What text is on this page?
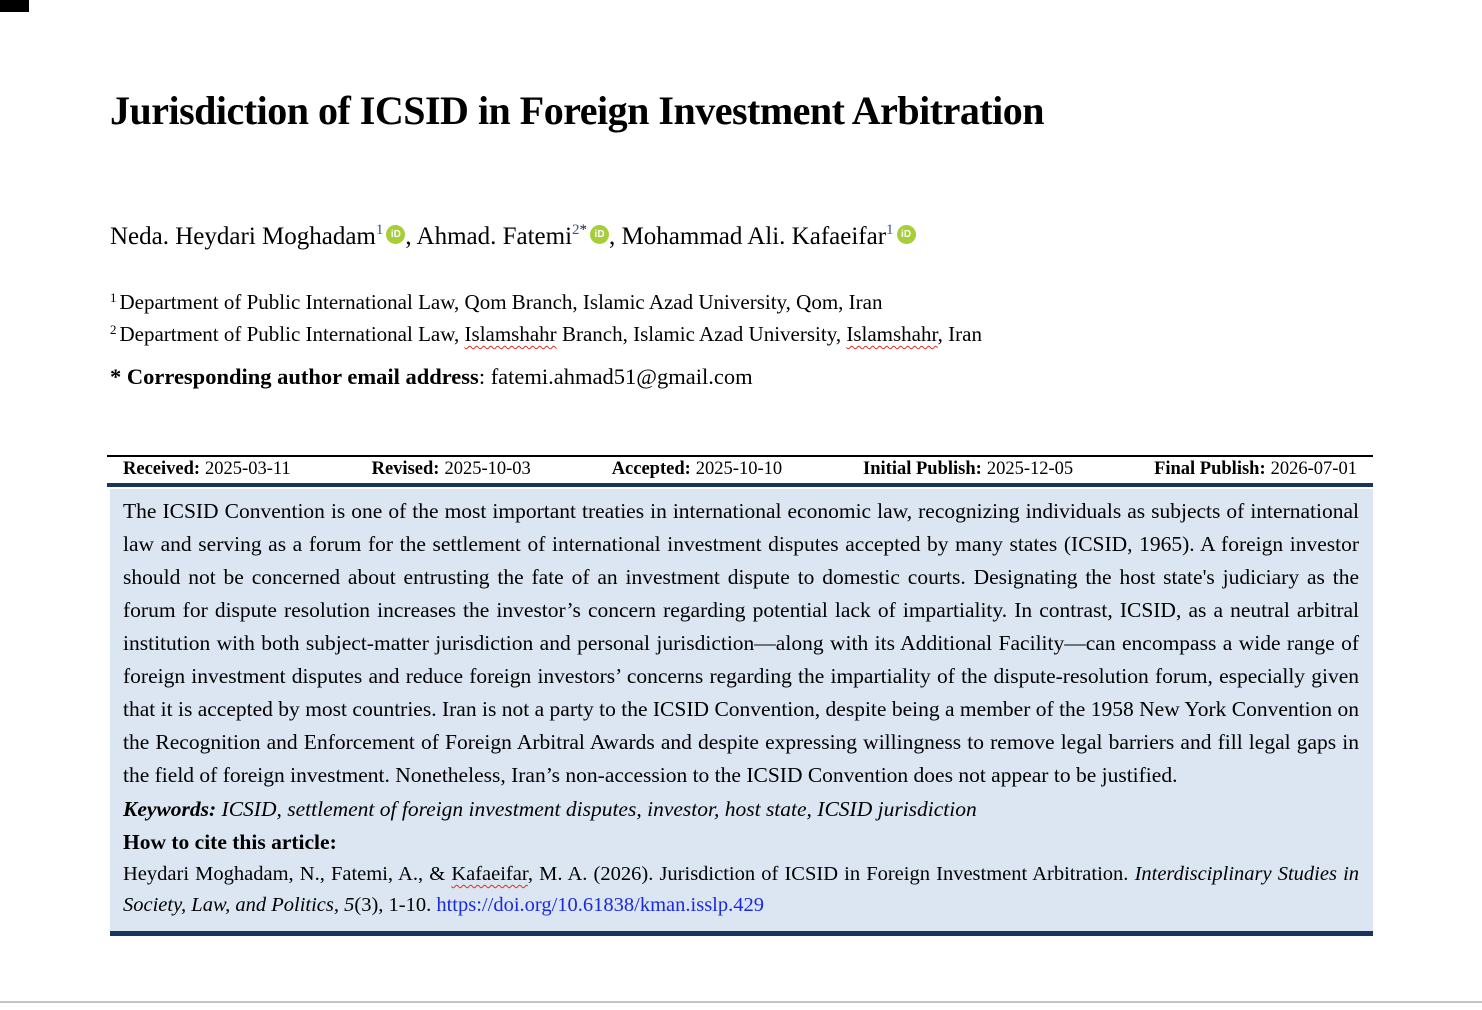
Jurisdiction of ICSID in Foreign Investment Arbitration
Neda. Heydari Moghadam$^1$ iD , Ahmad. Fatemi$^{2*}$ iD , Mohammad Ali. Kafaeifar$^1$ iD
$^1$ Department of Public International Law, Qom Branch, Islamic Azad University, Qom, Iran
$^2$ Department of Public International Law, Islamshahr Branch, Islamic Azad University, Islamshahr, Iran
* Corresponding author email address: fatemi.ahmad51@gmail.com
Received: 2025-03-11	Revised: 2025-10-03	Accepted: 2025-10-10	Initial Publish: 2025-12-05	Final Publish: 2026-07-01

The ICSID Convention is one of the most important treaties in international economic law, recognizing individuals as subjects of international law and serving as a forum for the settlement of international investment disputes accepted by many states (ICSID, 1965). A foreign investor should not be concerned about entrusting the fate of an investment dispute to domestic courts. Designating the host state's judiciary as the forum for dispute resolution increases the investor’s concern regarding potential lack of impartiality. In contrast, ICSID, as a neutral arbitral institution with both subject-matter jurisdiction and personal jurisdiction—along with its Additional Facility—can encompass a wide range of foreign investment disputes and reduce foreign investors’ concerns regarding the impartiality of the dispute-resolution forum, especially given that it is accepted by most countries. Iran is not a party to the ICSID Convention, despite being a member of the 1958 New York Convention on the Recognition and Enforcement of Foreign Arbitral Awards and despite expressing willingness to remove legal barriers and fill legal gaps in the field of foreign investment. Nonetheless, Iran’s non-accession to the ICSID Convention does not appear to be justified.

Keywords: ICSID, settlement of foreign investment disputes, investor, host state, ICSID jurisdiction

How to cite this article:

Heydari Moghadam, N., Fatemi, A., & Kafaeifar, M. A. (2026). Jurisdiction of ICSID in Foreign Investment Arbitration. Interdisciplinary Studies in Society, Law, and Politics, 5(3), 1-10. https://doi.org/10.61838/kman.isslp.429
